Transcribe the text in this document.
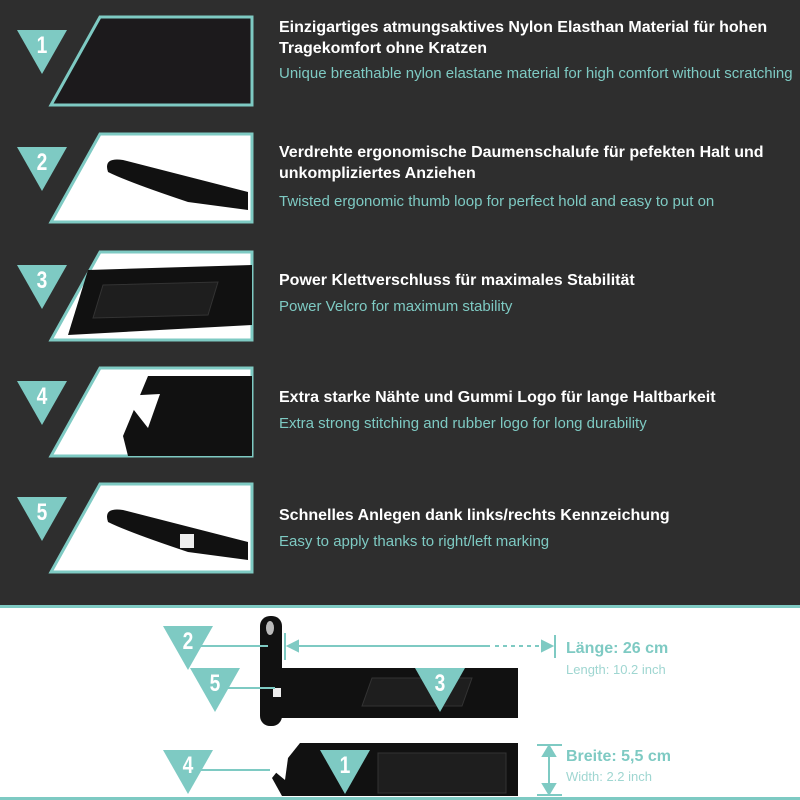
1
Einzigartiges atmungsaktives Nylon Elasthan Material für hohen Tragekomfort ohne Kratzen
Unique breathable nylon elastane material for high comfort without scratching
2	Verdrehte ergonomische Daumenschalufe für pefekten Halt und unkompliziertes Anziehen
Twisted ergonomic thumb loop for perfect hold and easy to put on
3	Power Klettverschluss für maximales Stabilität
Power Velcro for maximum stability
4	Extra starke Nähte und Gummi Logo für lange Haltbarkeit
Extra strong stitching and rubber logo for long durability
5	Schnelles Anlegen dank links/rechts Kennzeichung
Easy to apply thanks to right/left marking
Länge: 26 cm
Length: 10.2 inch
Breite: 5,5 cm
Width: 2.2 inch
2
5	3
4	1
